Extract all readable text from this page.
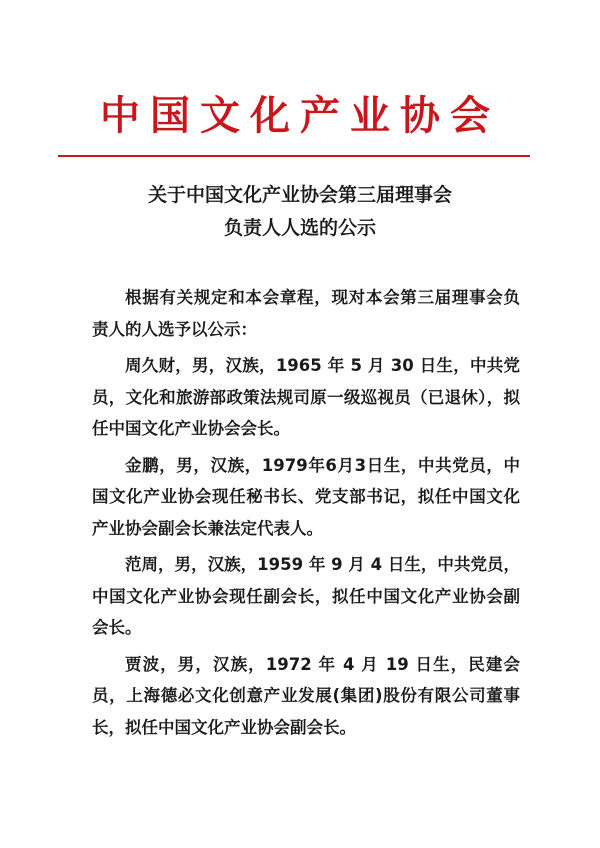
中国文化产业协会
关于中国文化产业协会第三届理事会
负责人人选的公示

根据有关规定和本会章程，现对本会第三届理事会负责人的人选予以公示：

周久财，男，汉族，1965 年 5 月 30 日生，中共党员，文化和旅游部政策法规司原一级巡视员（已退休），拟任中国文化产业协会会长。

金鹏，男，汉族，1979年6月3日生，中共党员，中国文化产业协会现任秘书长、党支部书记，拟任中国文化产业协会副会长兼法定代表人。

范周，男，汉族，1959 年 9 月 4 日生，中共党员，中国文化产业协会现任副会长，拟任中国文化产业协会副会长。

贾波，男，汉族，1972 年 4 月 19 日生，民建会员，上海德必文化创意产业发展(集团)股份有限公司董事长，拟任中国文化产业协会副会长。
